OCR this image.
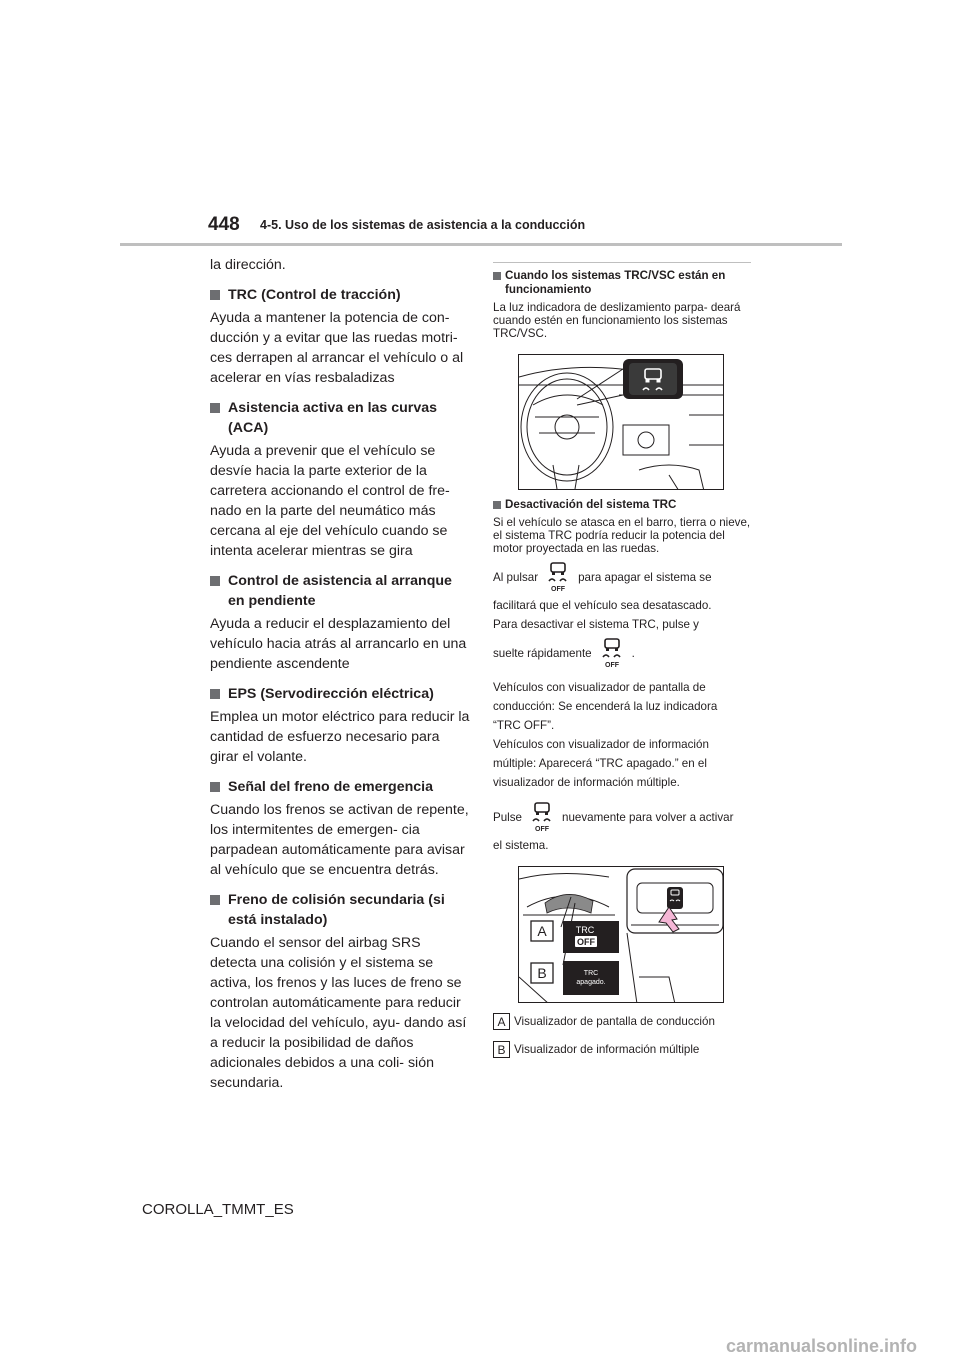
448 4-5. Uso de los sistemas de asistencia a la conducción

la dirección.

TRC (Control de tracción)

Ayuda a mantener la potencia de con- ducción y a evitar que las ruedas motri- ces derrapen al arrancar el vehículo o al acelerar en vías resbaladizas

Asistencia activa en las curvas (ACA)

Ayuda a prevenir que el vehículo se desvíe hacia la parte exterior de la carretera accionando el control de fre- nado en la parte del neumático más cercana al eje del vehículo cuando se intenta acelerar mientras se gira

Control de asistencia al arranque en pendiente

Ayuda a reducir el desplazamiento del vehículo hacia atrás al arrancarlo en una pendiente ascendente

EPS (Servodirección eléctrica)

Emplea un motor eléctrico para reducir la cantidad de esfuerzo necesario para girar el volante.

Señal del freno de emergencia

Cuando los frenos se activan de repente, los intermitentes de emergen- cia parpadean automáticamente para avisar al vehículo que se encuentra detrás.

Freno de colisión secundaria (si está instalado)

Cuando el sensor del airbag SRS detecta una colisión y el sistema se activa, los frenos y las luces de freno se controlan automáticamente para reducir la velocidad del vehículo, ayu- dando así a reducir la posibilidad de daños adicionales debidos a una coli- sión secundaria.

Cuando los sistemas TRC/VSC están en funcionamiento

La luz indicadora de deslizamiento parpa- deará cuando estén en funcionamiento los sistemas TRC/VSC.

Desactivación del sistema TRC

Si el vehículo se atasca en el barro, tierra o nieve, el sistema TRC podría reducir la potencia del motor proyectada en las ruedas.

Al pulsar
OFF
para apagar el sistema se
facilitará que el vehículo sea desatascado.
Para desactivar el sistema TRC, pulse y
suelte rápidamente
OFF
.
Vehículos con visualizador de pantalla de
conducción: Se encenderá la luz indicadora
“TRC OFF”.
Vehículos con visualizador de información
múltiple: Aparecerá “TRC apagado.” en el
visualizador de información múltiple.
Pulse
OFF
nuevamente para volver a activar
el sistema.
A	TRC
OFF
B	TRC
apagado.
A Visualizador de pantalla de conducción
B Visualizador de información múltiple
COROLLA_TMMT_ES
carmanualsonline.info
